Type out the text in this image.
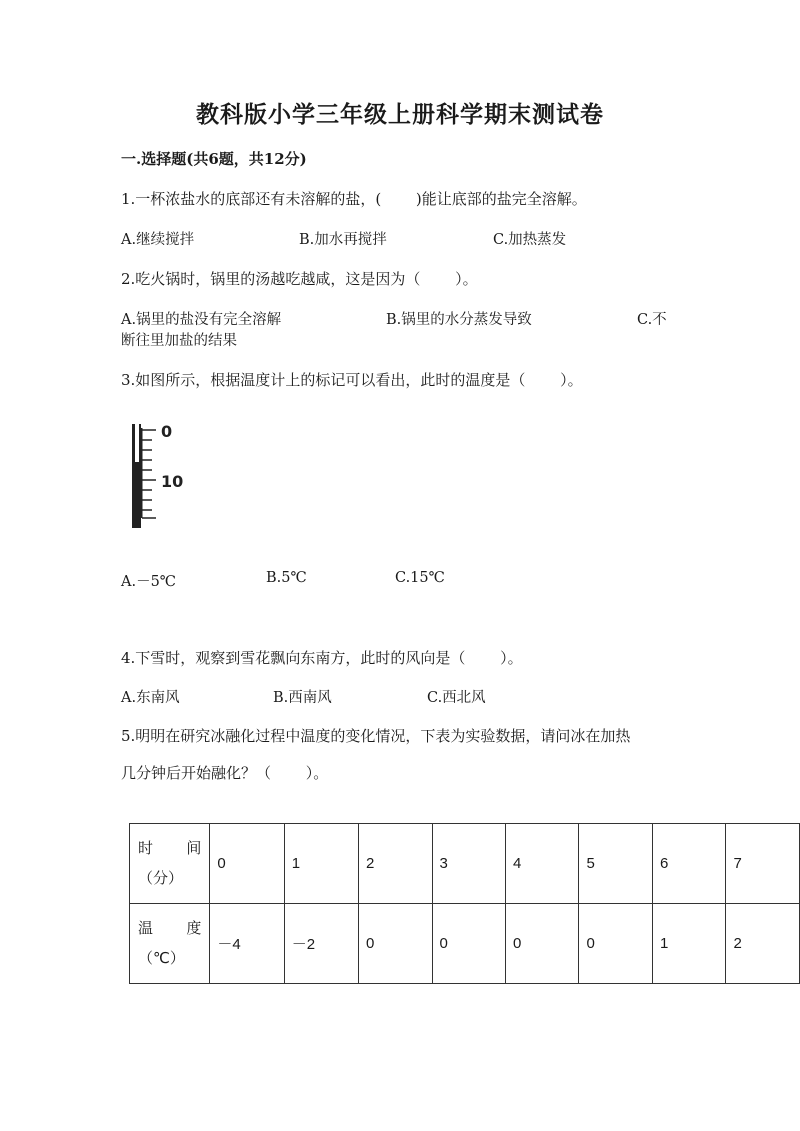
教科版小学三年级上册科学期末测试卷
一.选择题(共6题，共12分)
1.一杯浓盐水的底部还有未溶解的盐，(　　 )能让底部的盐完全溶解。
A.继续搅拌	B.加水再搅拌	C.加热蒸发
2.吃火锅时，锅里的汤越吃越咸，这是因为（　　 ）。
A.锅里的盐没有完全溶解	B.锅里的水分蒸发导致	C.不
断往里加盐的结果
3.如图所示，根据温度计上的标记可以看出，此时的温度是（　　 ）。
0
10
A.－5℃	B.5℃	C.15℃
4.下雪时，观察到雪花飘向东南方，此时的风向是（　　 ）。
A.东南风	B.西南风	C.西北风
5.明明在研究冰融化过程中温度的变化情况，下表为实验数据，请问冰在加热
几分钟后开始融化？（　　 ）。
时 间
（分）	0	1	2	3	4	5	6	7

温 度
（℃）	－4	－2	0	0	0	0	1	2
